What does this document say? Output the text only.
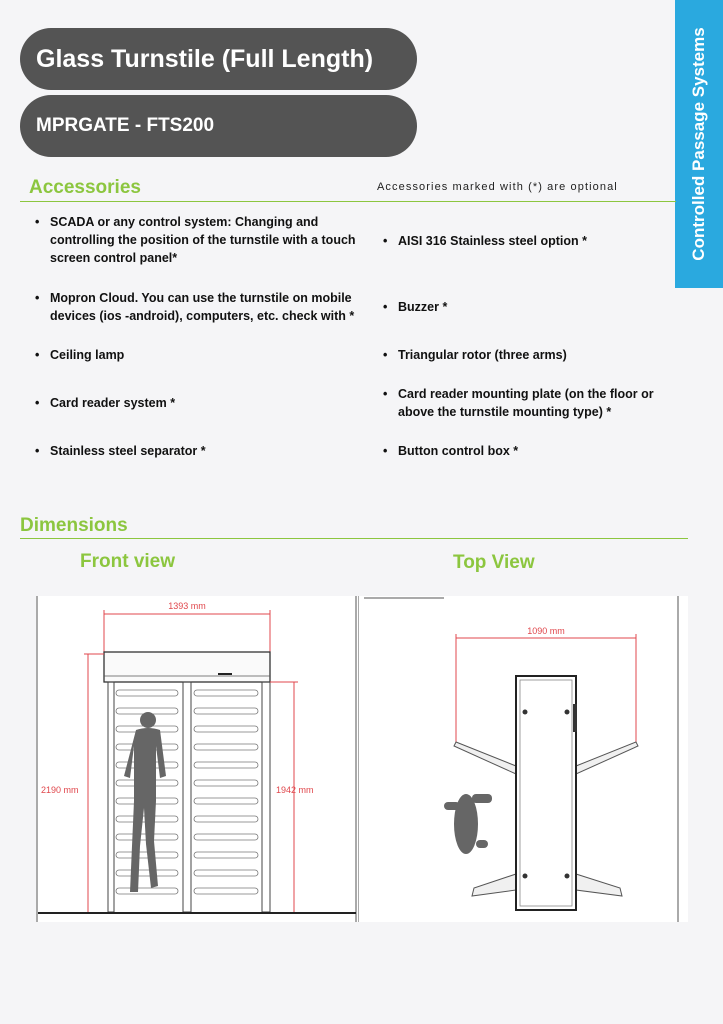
Controlled Passage Systems
Glass Turnstile (Full Length)
MPRGATE - FTS200
Accessories	Accessories marked with (*) are optional
• SCADA or any control system: Changing and
controlling the position of the turnstile with a touch
screen control panel*
• Mopron Cloud. You can use the turnstile on mobile
devices (ios -android), computers, etc. check with *
• Ceiling lamp
• Card reader system *
• Stainless steel separator *
• AISI 316 Stainless steel option *
• Buzzer *
• Triangular rotor (three arms)
• Card reader mounting plate (on the floor or
above the turnstile mounting type) *
• Button control box *
Dimensions
Front view	Top View
1393 mm
2190 mm	1942 mm
1090 mm
